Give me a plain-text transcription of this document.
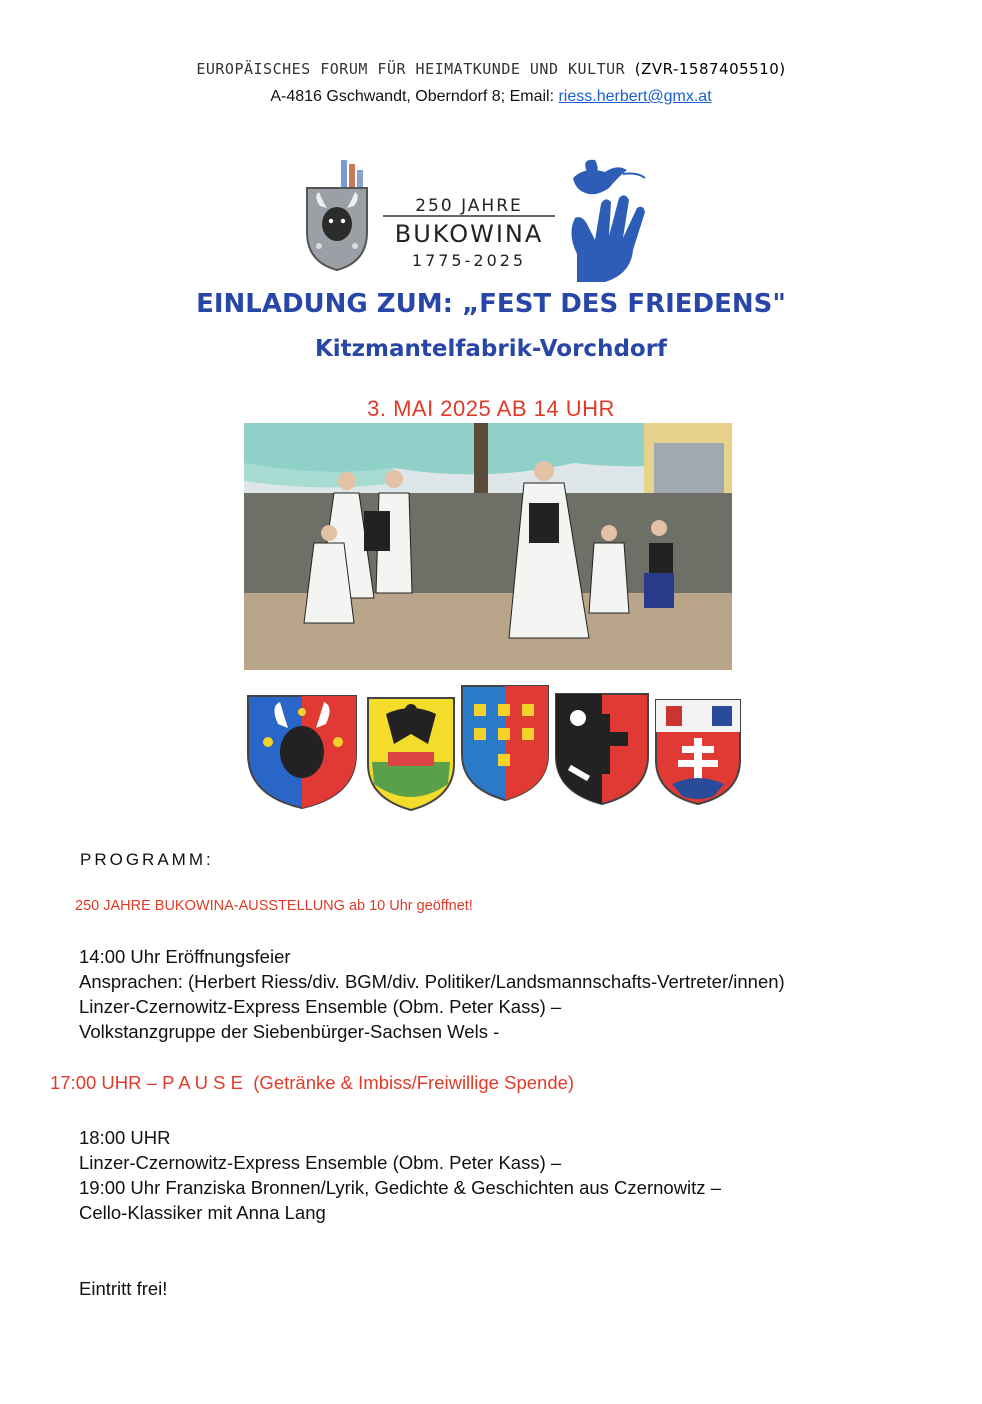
EUROPÄISCHES FORUM FÜR HEIMATKUNDE UND KULTUR (ZVR-1587405510)
A-4816 Gschwandt, Oberndorf 8; Email: riess.herbert@gmx.at
250 JAHRE
BUKOWINA
1775-2025
EINLADUNG ZUM: „FEST DES FRIEDENS"
Kitzmantelfabrik-Vorchdorf
3. MAI 2025 AB 14 UHR
PROGRAMM:
250 JAHRE BUKOWINA-AUSSTELLUNG ab 10 Uhr geöffnet!
14:00 Uhr Eröffnungsfeier
Ansprachen: (Herbert Riess/div. BGM/div. Politiker/Landsmannschafts-Vertreter/innen)
Linzer-Czernowitz-Express Ensemble (Obm. Peter Kass) –
Volkstanzgruppe der Siebenbürger-Sachsen Wels -
17:00 UHR – P A U S E  (Getränke & Imbiss/Freiwillige Spende)
18:00 UHR
Linzer-Czernowitz-Express Ensemble (Obm. Peter Kass) –
19:00 Uhr Franziska Bronnen/Lyrik, Gedichte & Geschichten aus Czernowitz –
Cello-Klassiker mit Anna Lang
Eintritt frei!
